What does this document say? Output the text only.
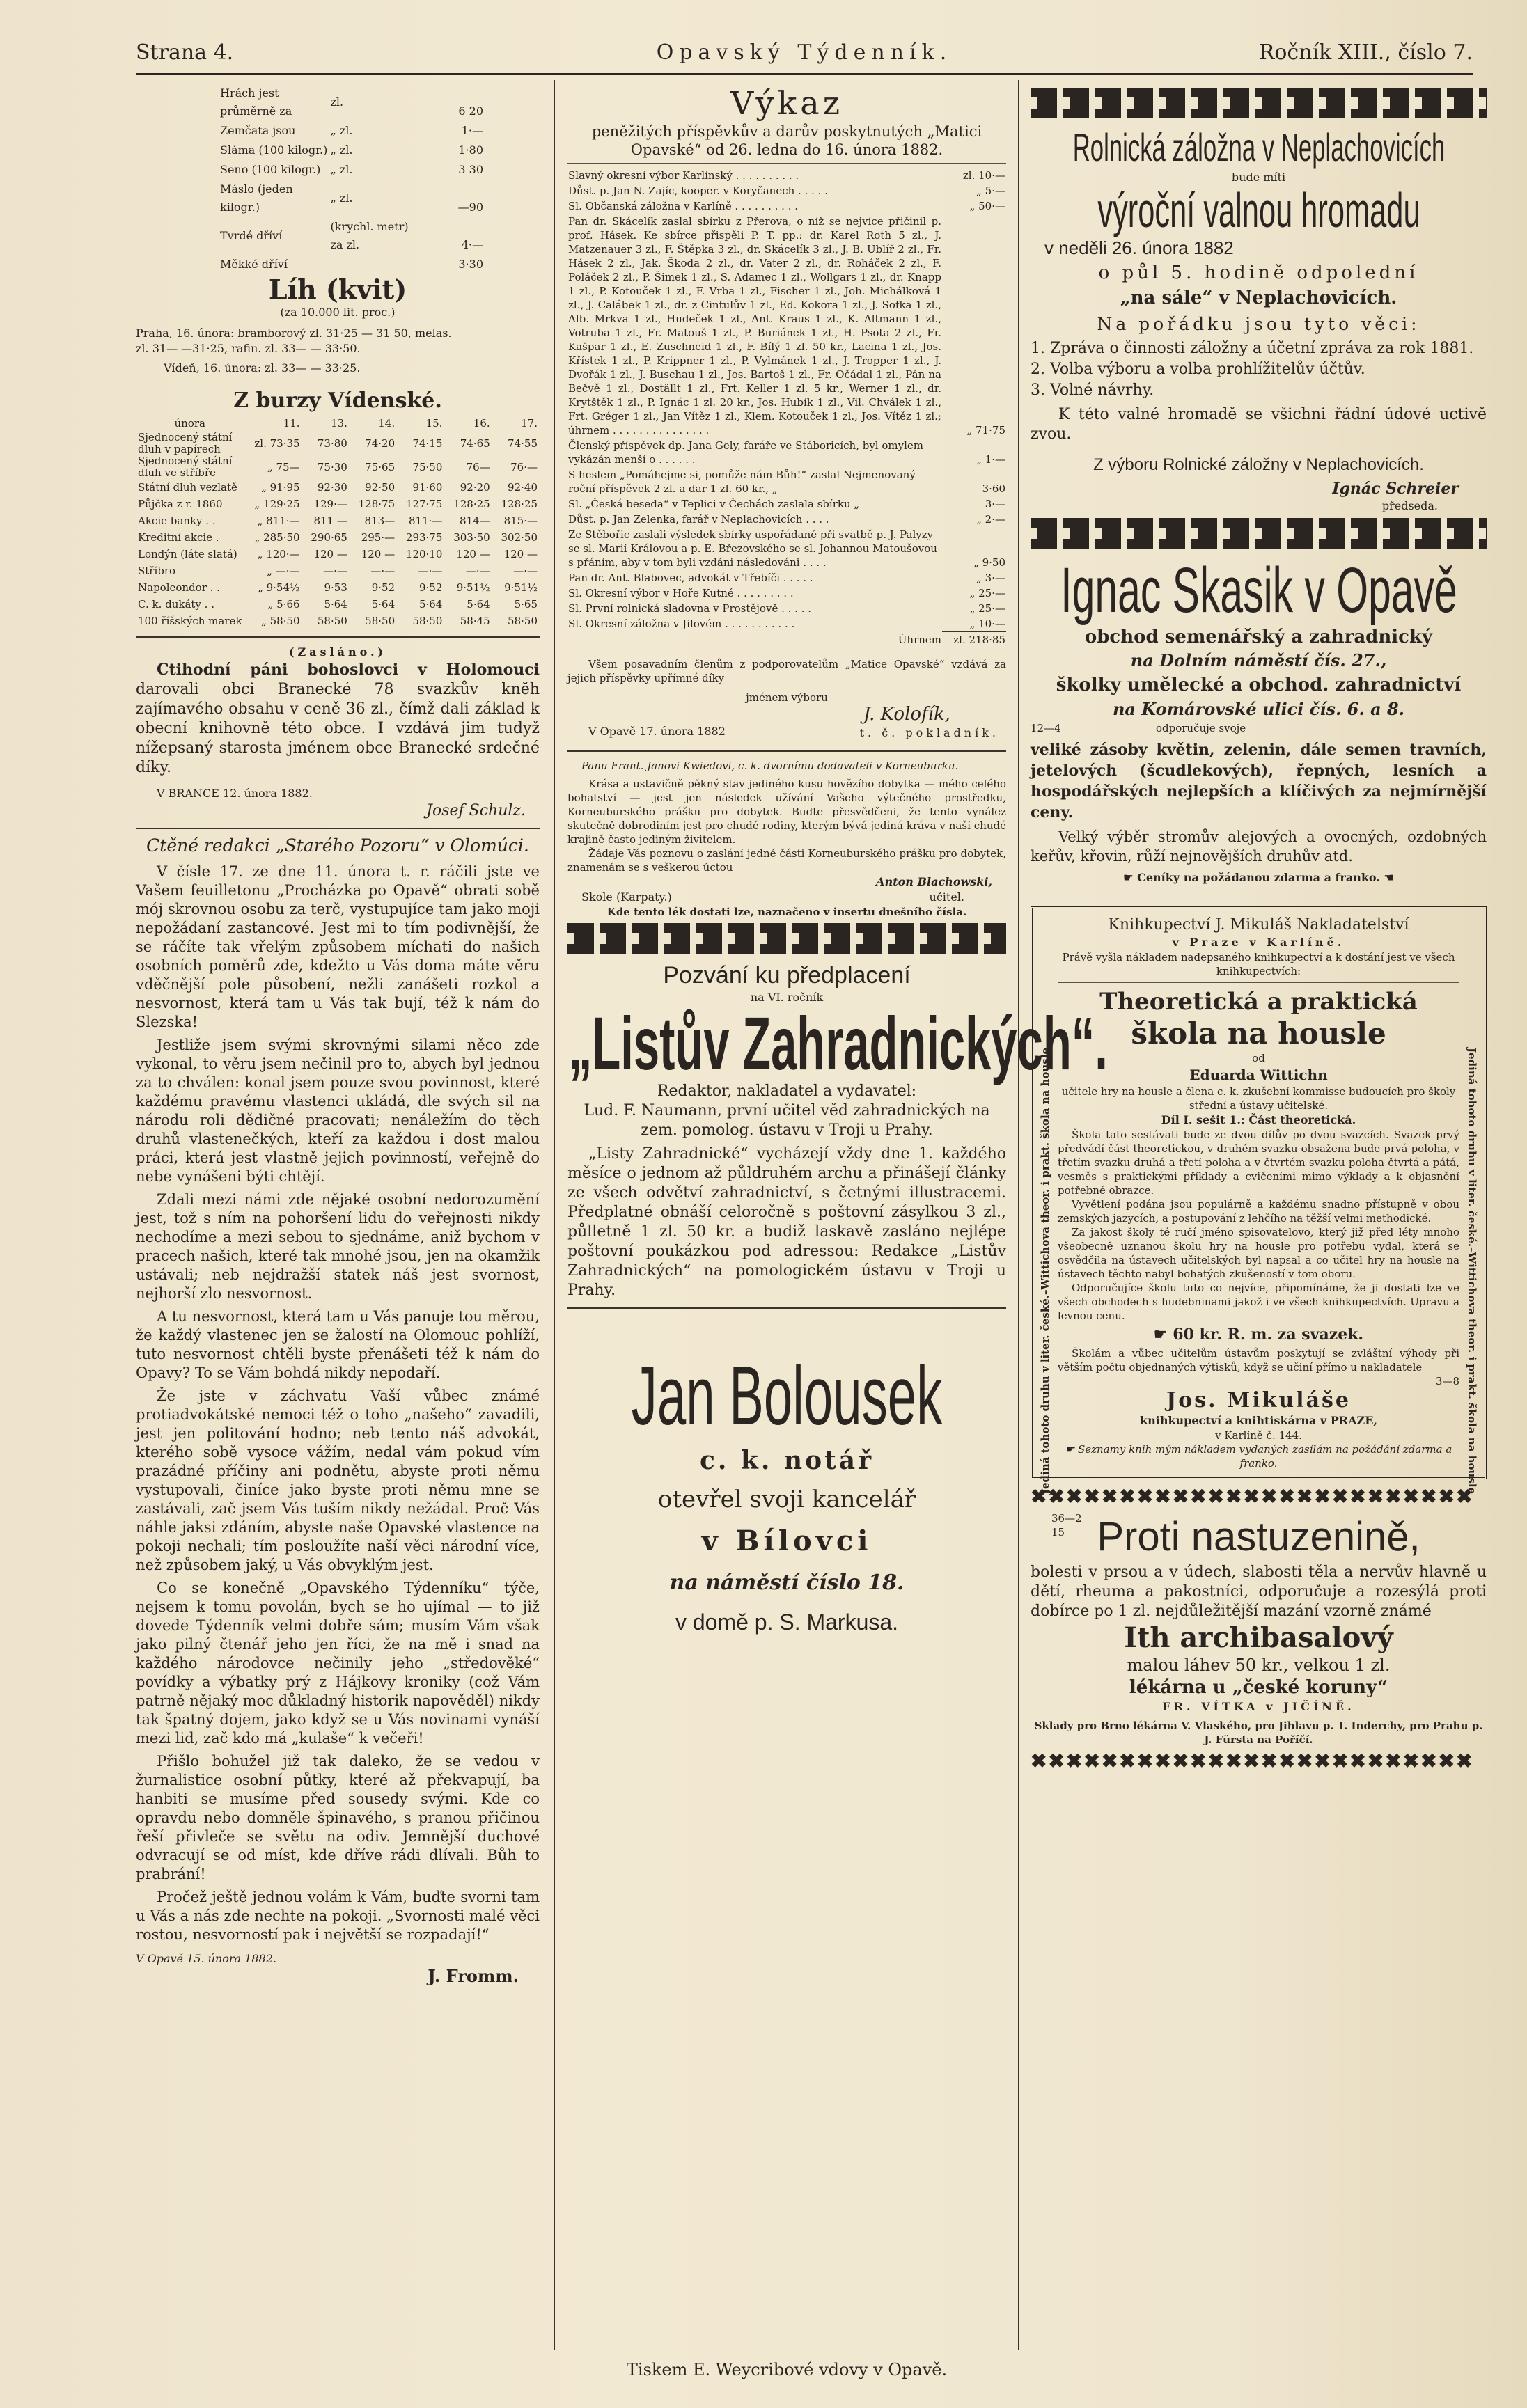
Strana 4.	Opavský Týdenník.	Ročník XIII., číslo 7.
Hrách jest průměrně za	zl.	6 20
Zemčata jsou	„ zl.	1·—
Sláma (100 kilogr.)	„ zl.	1·80
Seno (100 kilogr.)	„ zl.	3 30
Máslo (jeden kilogr.)	„ zl.	—90
Tvrdé dříví	(krychl. metr) za zl.	4·—
Měkké dříví		3·30
Líh (kvit)
(za 10.000 lit. proc.)
Praha, 16. února: bramborový zl. 31·25 — 31 50, melas.
zl. 31— —31·25, rafin. zl. 33— — 33·50.
Vídeň, 16. února: zl. 33— — 33·25.
Z burzy Vídenské.
února	11.	13.	14.	15.	16.	17.
Sjednocený státní dluh v papírech	zl. 73·35	73·80	74·20	74·15	74·65	74·55
Sjednocený státní dluh ve stříbře	„ 75—	75·30	75·65	75·50	76—	76·—
Státní dluh vezlatě	„ 91·95	92·30	92·50	91·60	92·20	92·40
Půjčka z r. 1860	„ 129·25	129·—	128·75	127·75	128·25	128·25
Akcie banky . .	„ 811·—	811 —	813—	811·—	814—	815·—
Kreditní akcie .	„ 285·50	290·65	295·—	293·75	303·50	302·50
Londýn (láte slatá)	„ 120·—	120 —	120 —	120·10	120 —	120 —
Stříbro	„ —·—	—·—	—·—	—·—	—·—	—·—
Napoleondor . .	„ 9·54½	9·53	9·52	9·52	9·51½	9·51½
C. k. dukáty . .	„ 5·66	5·64	5·64	5·64	5·64	5·65
100 říšských marek	„ 58·50	58·50	58·50	58·50	58·45	58·50
(Zasláno.)

Ctihodní páni bohoslovci v Holomouci darovali obci Branecké 78 svazkův knĕh zajímavého obsahu v ceně 36 zl., čímž dali základ k obecní knihovně této obce. I vzdává jim tudyž nížepsaný starosta jménem obce Branecké srdečné díky.

V BRANCE 12. února 1882.
Josef Schulz.
Ctěné redakci „Starého Pozoru“ v Olomúci.

V čísle 17. ze dne 11. února t. r. ráčili jste ve Vašem feuilletonu „Procházka po Opavě“ obrati sobě mój skrovnou osobu za terč, vystupujíce tam jako moji nepožádaní zastancové. Jest mi to tím podivnější, že se ráčíte tak vřelým způsobem míchati do našich osobních poměrů zde, kdežto u Vás doma máte věru vděčnější pole působení, nežli zanášeti rozkol a nesvornost, která tam u Vás tak bují, též k nám do Slezska!

Jestliže jsem svými skrovnými silami něco zde vykonal, to věru jsem nečinil pro to, abych byl jednou za to chválen: konal jsem pouze svou povinnost, které každému pravému vlastenci ukládá, dle svých sil na národu roli dědičné pracovati; nenáležím do těch druhů vlastenečkých, kteří za každou i dost malou práci, která jest vlastně jejich povinností, veřejně do nebe vynášeni býti chtějí.

Zdali mezi námi zde nějaké osobní nedorozumění jest, tož s ním na pohoršení lidu do veřejnosti nikdy nechodíme a mezi sebou to sjednáme, aniž bychom v pracech našich, které tak mnohé jsou, jen na okamžik ustávali; neb nejdražší statek náš jest svornost, nejhorší zlo nesvornost.

A tu nesvornost, která tam u Vás panuje tou měrou, že každý vlastenec jen se žalostí na Olomouc pohlíží, tuto nesvornost chtěli byste přenášeti též k nám do Opavy? To se Vám bohdá nikdy nepodaří.

Že jste v záchvatu Vaší vůbec známé protiadvokátské nemoci též o toho „našeho“ zavadili, jest jen politování hodno; neb tento náš advokát, kterého sobě vysoce vážím, nedal vám pokud vím prazádné příčiny ani podnětu, abyste proti němu vystupovali, činíce jako byste proti němu mne se zastávali, zač jsem Vás tuším nikdy nežádal. Proč Vás náhle jaksi zdáním, abyste naše Opavské vlastence na pokoji nechali; tím posloužíte naší věci národní více, než způsobem jaký, u Vás obvyklým jest.

Co se konečně „Opavského Týdenníku“ týče, nejsem k tomu povolán, bych se ho ujímal — to již dovede Týdenník velmi dobře sám; musím Vám však jako pilný čtenář jeho jen říci, že na mě i snad na každého národovce nečinily jeho „středověké“ povídky a výbatky prý z Hájkovy kroniky (což Vám patrně nějaký moc důkladný historik napověděl) nikdy tak špatný dojem, jako když se u Vás novinami vynáší mezi lid, zač kdo má „kulaše“ k večeři!

Přišlo bohužel již tak daleko, že se vedou v žurnalistice osobní půtky, které až překvapují, ba hanbiti se musíme před sousedy svými. Kde co opravdu nebo domněle špinavého, s pranou přičinou řeší přivleče se světu na odiv. Jemnější duchové odvracují se od míst, kde dříve rádi dlívali. Bůh to prabrání!

Pročež ještě jednou volám k Vám, buďte svorni tam u Vás a nás zde nechte na pokoji. „Svornosti malé věci rostou, nesvorností pak i největší se rozpadají!“

V Opavě 15. února 1882.
J. Fromm.
Výkaz
peněžitých příspěvkův a darův poskytnutých „Matici Opavské“ od 26. ledna do 16. února 1882.
Slavný okresní výbor Karlínský . . . . . . . . . .	zl. 10·—
Důst. p. Jan N. Zajíc, kooper. v Koryčanech . . . . .	„ 5·—
Sl. Občanská záložna v Karlíně . . . . . . . . . .	„ 50·—
Pan dr. Skácelík zaslal sbírku z Přerova, o níž se nejvíce přičinil p. prof. Hásek. Ke sbírce přispěli P. T. pp.: dr. Karel Roth 5 zl., J. Matzenauer 3 zl., F. Štěpka 3 zl., dr. Skácelík 3 zl., J. B. Ublíř 2 zl., Fr. Hásek 2 zl., Jak. Škoda 2 zl., dr. Vater 2 zl., dr. Roháček 2 zl., F. Poláček 2 zl., P. Šimek 1 zl., S. Adamec 1 zl., Wollgars 1 zl., dr. Knapp 1 zl., P. Kotouček 1 zl., F. Vrba 1 zl., Fischer 1 zl., Joh. Michálková 1 zl., J. Calábek 1 zl., dr. z Cintulův 1 zl., Ed. Kokora 1 zl., J. Sofka 1 zl., Alb. Mrkva 1 zl., Hudeček 1 zl., Ant. Kraus 1 zl., K. Altmann 1 zl., Votruba 1 zl., Fr. Matouš 1 zl., P. Buriánek 1 zl., H. Psota 2 zl., Fr. Kašpar 1 zl., E. Zuschneid 1 zl., F. Bílý 1 zl. 50 kr., Lacina 1 zl., Jos. Křístek 1 zl., P. Krippner 1 zl., P. Vylmánek 1 zl., J. Tropper 1 zl., J. Dvořák 1 zl., J. Buschau 1 zl., Jos. Bartoš 1 zl., Fr. Očádal 1 zl., Pán na Bečvě 1 zl., Doställt 1 zl., Frt. Keller 1 zl. 5 kr., Werner 1 zl., dr. Krytštěk 1 zl., P. Ignác 1 zl. 20 kr., Jos. Hubík 1 zl., Vil. Chválek 1 zl., Frt. Gréger 1 zl., Jan Vítěz 1 zl., Klem. Kotouček 1 zl., Jos. Vítěz 1 zl.; úhrnem . . . . . . . . . . . . . . .	„ 71·75
Členský příspěvek dp. Jana Gely, faráře ve Stáboricích, byl omylem vykázán menší o . . . . . .	„ 1·—
S heslem „Pomáhejme si, pomůže nám Bůh!“ zaslal Nejmenovaný roční příspěvek 2 zl. a dar 1 zl. 60 kr., „	3·60
Sl. „Česká beseda“ v Teplici v Čechách zaslala sbírku „	3·—
Důst. p. Jan Zelenka, farář v Neplachovicích . . . .	„ 2·—
Ze Stěbořic zaslali výsledek sbírky uspořádané při svatbě p. J. Palyzy se sl. Marií Královou a p. E. Březovského se sl. Johannou Matoušovou s přáním, aby v tom byli vzdáni následováni . . . .	„ 9·50
Pan dr. Ant. Blabovec, advokát v Třebíči . . . . .	„ 3·—
Sl. Okresní výbor v Hoře Kutné . . . . . . . . .	„ 25·—
Sl. První rolnická sladovna v Prostějově . . . . .	„ 25·—
Sl. Okresní záložna v Jilovém . . . . . . . . . . .	„ 10·—
Úhrnem	zl. 218·85
Všem posavadním členům z podporovatelům „Matice Opavské“ vzdává za jejich příspěvky upřímné díky
jménem výboru
V Opavě 17. února 1882
J. Kolofík,
t. č. pokladník.
Panu Frant. Janovi Kwiedovi, c. k. dvornímu dodavateli v Korneuburku.
Krása a ustavičně pěkný stav jediného kusu hovězího dobytka — mého celého bohatství — jest jen následek užívání Vašeho výtečného prostředku, Korneuburského prášku pro dobytek. Buďte přesvědčeni, že tento vynález skutečně dobrodiním jest pro chudé rodiny, kterým bývá jediná kráva v naší chudé krajině často jediným živitelem.
Žádaje Vás poznovu o zaslání jedné části Korneuburského prášku pro dobytek, znamenám se s veškerou úctou
Anton Blachowski,
Skole (Karpaty.)	učitel.
Kde tento lék dostati lze, naznačeno v insertu dnešního čísla.
Pozvání ku předplacení
na VI. ročník
„Listův Zahradnických“.
Redaktor, nakladatel a vydavatel:
Lud. F. Naumann, první učitel věd zahradnických na zem. pomolog. ústavu v Troji u Prahy.
„Listy Zahradnické“ vycházejí vždy dne 1. každého měsíce o jednom až půldruhém archu a přinášejí články ze všech odvětví zahradnictví, s četnými illustracemi. Předplatné obnáší celoročně s poštovní zásylkou 3 zl., půlletně 1 zl. 50 kr. a budiž laskavě zasláno nejlépe poštovní poukázkou pod adressou: Redakce „Listův Zahradnických“ na pomologickém ústavu v Troji u Prahy.
Jan Bolousek
c. k. notář
otevřel svoji kancelář
v Bílovci
na náměstí číslo 18.
v domě p. S. Markusa.
Rolnická záložna v Neplachovicích
bude míti
výroční valnou hromadu
v neděli 26. února 1882
o půl 5. hodině odpolední
„na sále“ v Neplachovicích.
Na pořádku jsou tyto věci:
1. Zpráva o činnosti záložny a účetní zpráva za rok 1881.
2. Volba výboru a volba prohlížitelův účtův.
3. Volné návrhy.
K této valné hromadě se všichni řádní údové uctivě zvou.
Z výboru Rolnické záložny v Neplachovicích.
Ignác Schreier
předseda.
Ignac Skasik v Opavě
obchod semenářský a zahradnický
na Dolním náměstí čís. 27.,
školky umělecké a obchod. zahradnictví
na Komárovské ulici čís. 6. a 8.
12—4	odporučuje svoje
veliké zásoby květin, zelenin, dále semen travních, jetelových (šcudlekových), řepných, lesních a hospodářských nejlepších a klíčivých za nejmírnější ceny.
Velký výběr stromův alejových a ovocných, ozdobných keřův, křovin, růží nejnovějších druhův atd.
☛ Ceníky na požádanou zdarma a franko. ☚
Jediná tohoto druhu v liter. české.–Wittichova theor. i prakt. škola na housle	Jediná tohoto druhu v liter. české.–Wittichova theor. i prakt. škola na housle
Knihkupectví J. Mikuláš Nakladatelství
v Praze v Karlíně.
Právě vyšla nákladem nadepsaného knihkupectví a k dostání jest ve všech knihkupectvích:
Theoretická a praktická
škola na housle
od
Eduarda Wittichn
učitele hry na housle a člena c. k. zkušební kommisse budoucích pro školy střední a ústavy učitelské.
Díl I. sešit 1.: Část theoretická.
Škola tato sestávati bude ze dvou dílův po dvou svazcích. Svazek prvý předvádí část theoretickou, v druhém svazku obsažena bude prvá poloha, v třetím svazku druhá a třetí poloha a v čtvrtém svazku poloha čtvrtá a pátá, vesměs s praktickými příklady a cvičeními mimo výklady a k objasnění potřebné obrazce.
Vyvětlení podána jsou populárně a každému snadno přístupně v obou zemských jazycích, a postupování z lehčího na těžší velmi methodické.
Za jakost školy té ručí jméno spisovatelovo, který již před léty mnoho všeobecně uznanou školu hry na housle pro potřebu vydal, která se osvědčila na ústavech učitelských byl napsal a co učitel hry na housle na ústavech těchto nabyl bohatých zkušeností v tom oboru.
Odporučujíce školu tuto co nejvíce, připomínáme, že ji dostati lze ve všech obchodech s hudebninami jakož i ve všech knihkupectvích. Upravu a levnou cenu.
☛ 60 kr. R. m. za svazek.
Školám a vůbec učitelům ústavům poskytují se zvláštní výhody při větším počtu objednaných výtisků, když se učiní přímo u nakladatele
3—8
Jos. Mikuláše
knihkupectví a knihtiskárna v PRAZE,
v Karlíně č. 144.
☛ Seznamy knih mým nákladem vydaných zasílám na požádání zdarma a franko.
✖✖✖✖✖✖✖✖✖✖✖✖✖✖✖✖✖✖✖✖✖✖✖✖✖
36—2
15 Proti nastuzenině,
bolesti v prsou a v údech, slabosti těla a nervův hlavně u dětí, rheuma a pakostníci, odporučuje a rozesýlá proti dobírce po 1 zl. nejdůležitější mazání vzorně známé
Ith archibasalový
malou láhev 50 kr., velkou 1 zl.
lékárna u „české koruny“
FR. VÍTKA v JIČÍNĚ.
Sklady pro Brno lékárna V. Vlaského, pro Jihlavu p. T. Inderchy, pro Prahu p. J. Fürsta na Poříčí.
✖✖✖✖✖✖✖✖✖✖✖✖✖✖✖✖✖✖✖✖✖✖✖✖✖
Tiskem E. Weycribové vdovy v Opavě.
